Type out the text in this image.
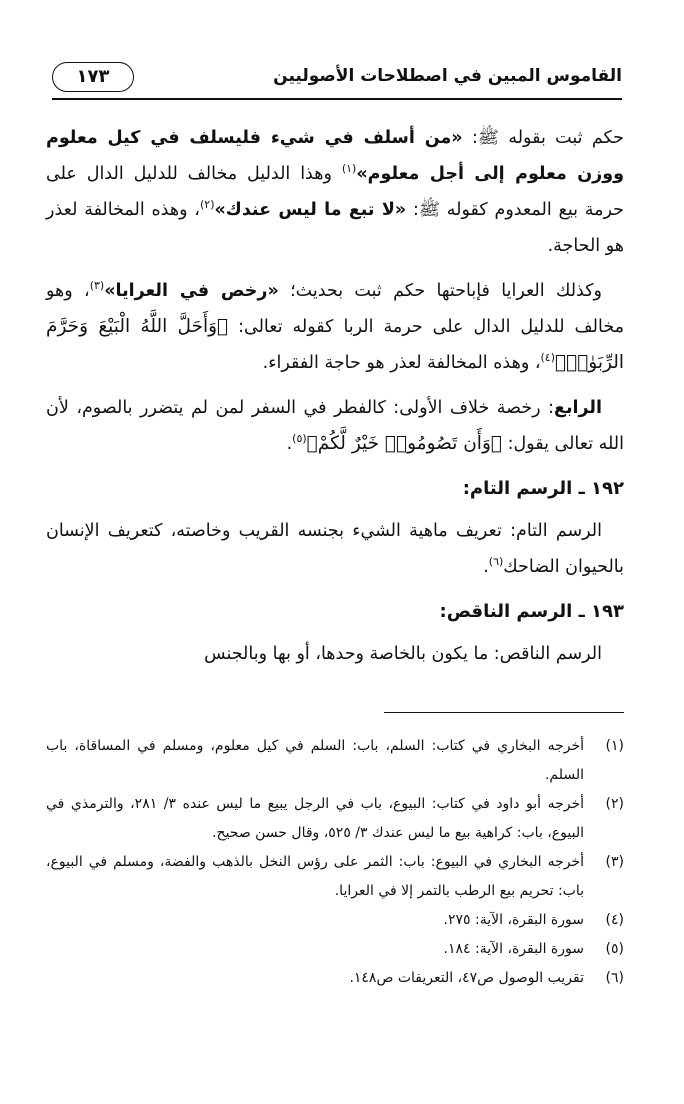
القاموس المبين في اصطلاحات الأصوليين
١٧٣

حكم ثبت بقوله ﷺ: «من أسلف في شيء فليسلف في كيل معلوم ووزن معلوم إلى أجل معلوم»$^{(١)}$ وهذا الدليل مخالف للدليل الدال على حرمة بيع المعدوم كقوله ﷺ: «لا تبع ما ليس عندك»$^{(٢)}$، وهذه المخالفة لعذر هو الحاجة.

وكذلك العرايا فإباحتها حكم ثبت بحديث؛ «رخص في العرايا»$^{(٣)}$، وهو مخالف للدليل الدال على حرمة الربا كقوله تعالى: ﴿وَأَحَلَّ اللَّهُ الْبَيْعَ وَحَرَّمَ الرِّبَوٰا۟﴾$^{(٤)}$، وهذه المخالفة لعذر هو حاجة الفقراء.

الرابع: رخصة خلاف الأولى: كالفطر في السفر لمن لم يتضرر بالصوم، لأن الله تعالى يقول: ﴿وَأَن تَصُومُوا۟ خَيْرٌ لَّكُمْ﴾$^{(٥)}$.

١٩٢ ـ الرسم التام:

الرسم التام: تعريف ماهية الشيء بجنسه القريب وخاصته، كتعريف الإنسان بالحيوان الضاحك$^{(٦)}$.

١٩٣ ـ الرسم الناقص:

الرسم الناقص: ما يكون بالخاصة وحدها، أو بها وبالجنس

(١)
أخرجه البخاري في كتاب: السلم، باب: السلم في كيل معلوم، ومسلم في المساقاة، باب السلم.
(٢)
أخرجه أبو داود في كتاب: البيوع، باب في الرجل يبيع ما ليس عنده ٣/ ٢٨١، والترمذي في البيوع، باب: كراهية بيع ما ليس عندك ٣/ ٥٢٥، وقال حسن صحيح.
(٣)
أخرجه البخاري في البيوع: باب: الثمر على رؤس النخل بالذهب والفضة، ومسلم في البيوع، باب: تحريم بيع الرطب بالتمر إلا في العرايا.
(٤)
سورة البقرة، الآية: ٢٧٥.
(٥)
سورة البقرة، الآية: ١٨٤.
(٦)
تقريب الوصول ص٤٧، التعريفات ص١٤٨.
